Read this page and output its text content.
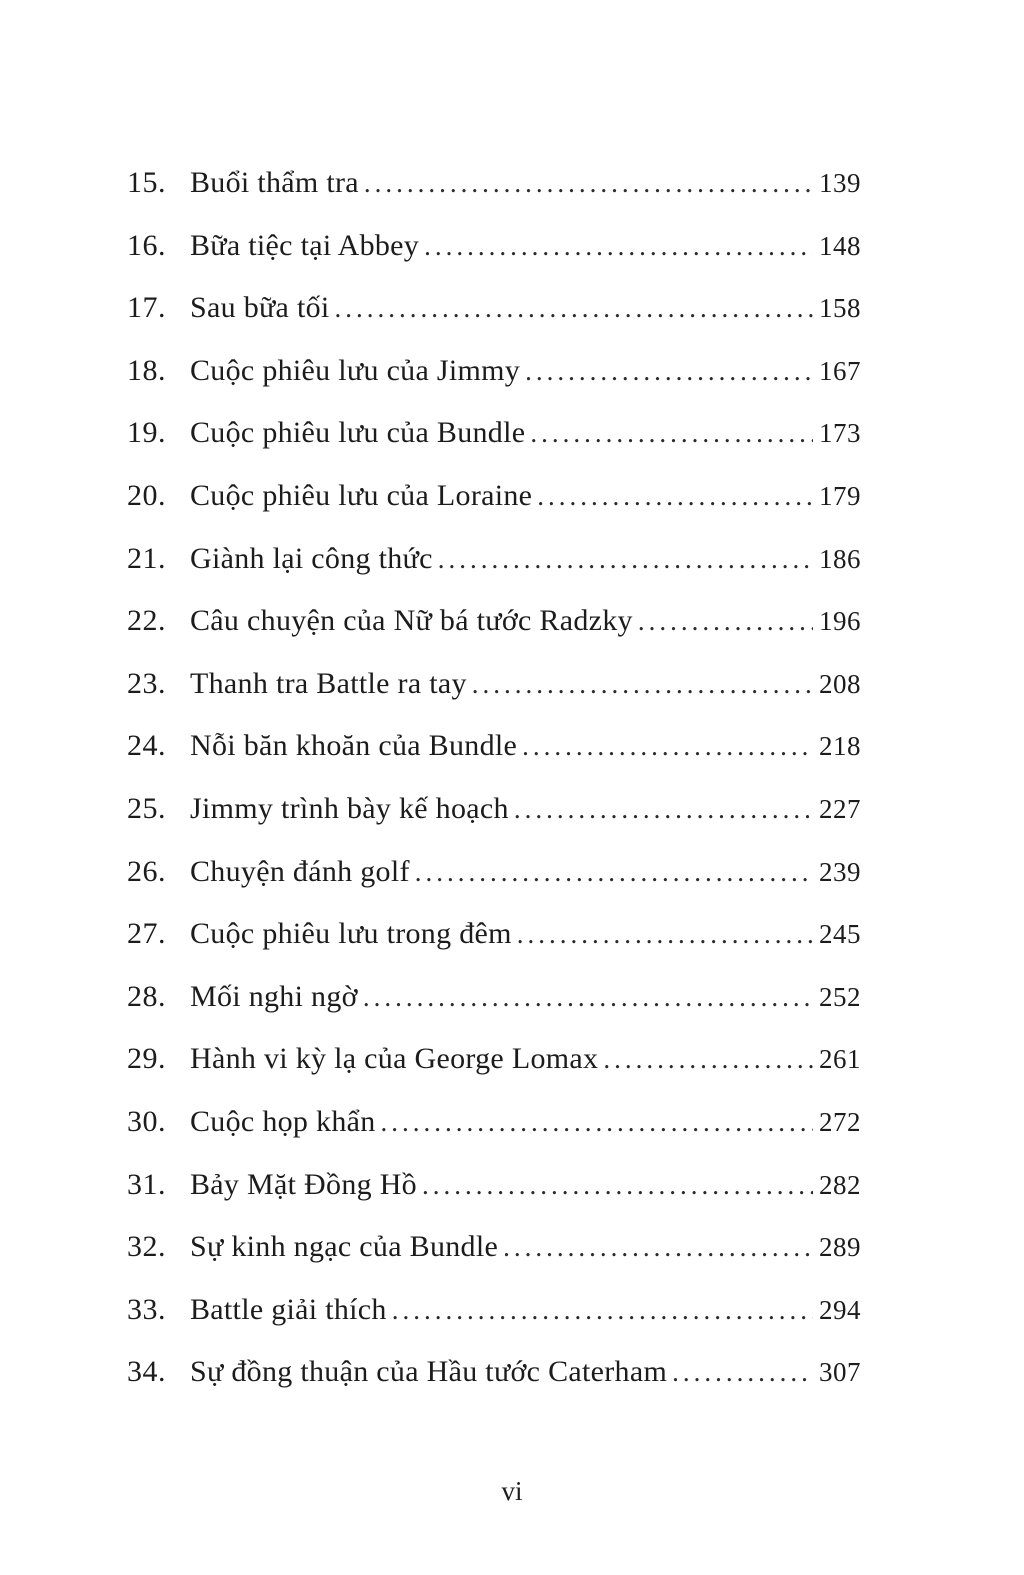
15. Buổi thẩm tra .....	139
16. Bữa tiệc tại Abbey .....	148
17. Sau bữa tối .....	158
18. Cuộc phiêu lưu của Jimmy .....	167
19. Cuộc phiêu lưu của Bundle .....	173
20. Cuộc phiêu lưu của Loraine .....	179
21. Giành lại công thức .....	186
22. Câu chuyện của Nữ bá tước Radzky .....	196
23. Thanh tra Battle ra tay .....	208
24. Nỗi băn khoăn của Bundle .....	218
25. Jimmy trình bày kế hoạch .....	227
26. Chuyện đánh golf .....	239
27. Cuộc phiêu lưu trong đêm .....	245
28. Mối nghi ngờ .....	252
29. Hành vi kỳ lạ của George Lomax .....	261
30. Cuộc họp khẩn .....	272
31. Bảy Mặt Đồng Hồ .....	282
32. Sự kinh ngạc của Bundle .....	289
33. Battle giải thích .....	294
34. Sự đồng thuận của Hầu tước Caterham .....	307
vi
